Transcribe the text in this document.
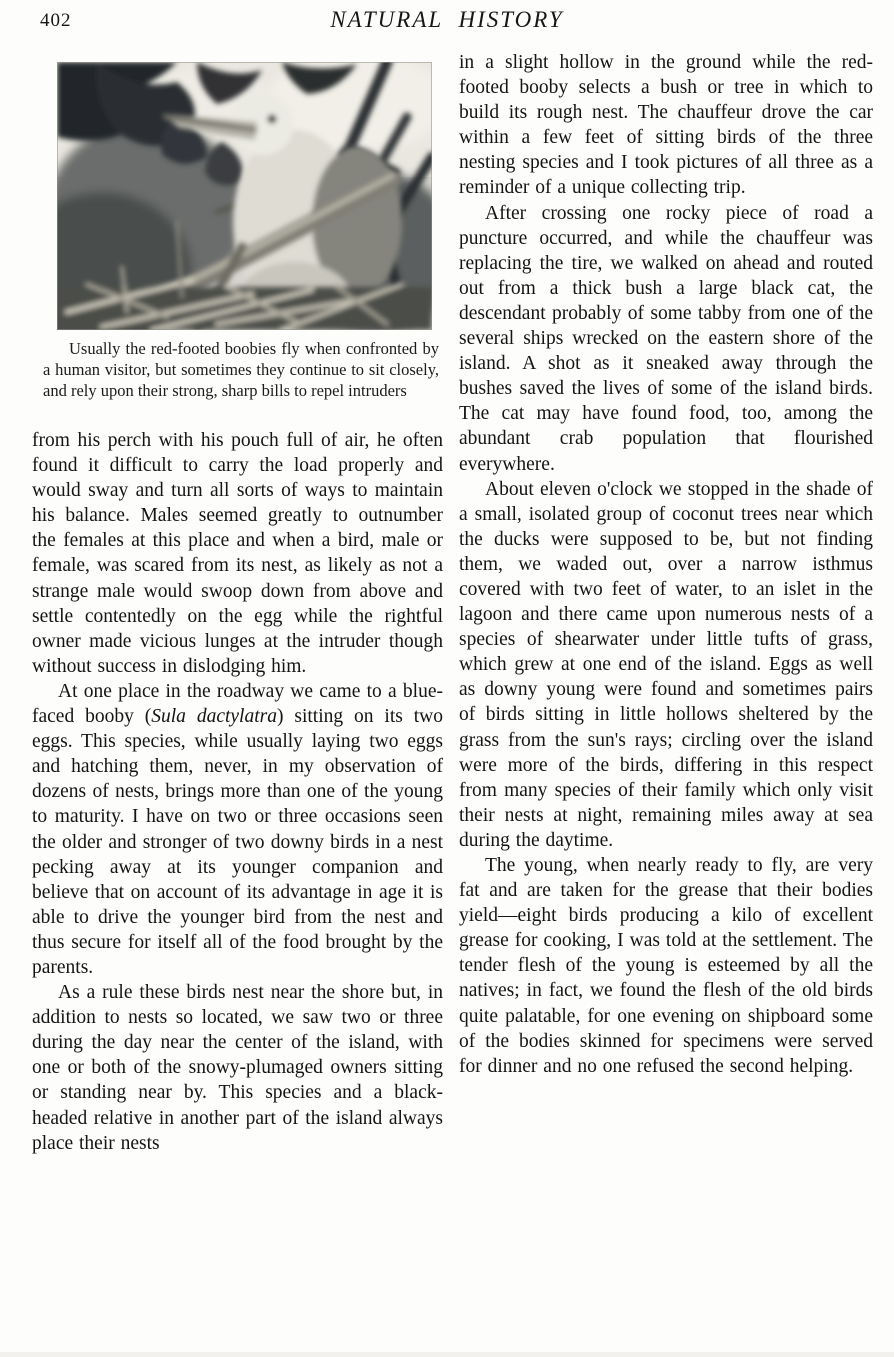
402	NATURAL HISTORY
Usually the red-footed boobies fly when confronted by a human visitor, but sometimes they continue to sit closely, and rely upon their strong, sharp bills to repel intruders

from his perch with his pouch full of air, he often found it difficult to carry the load properly and would sway and turn all sorts of ways to maintain his balance. Males seemed greatly to outnumber the females at this place and when a bird, male or female, was scared from its nest, as likely as not a strange male would swoop down from above and settle contentedly on the egg while the rightful owner made vicious lunges at the intruder though without success in dislodging him.

At one place in the roadway we came to a blue-faced booby (Sula dactylatra) sitting on its two eggs. This species, while usually laying two eggs and hatching them, never, in my observation of dozens of nests, brings more than one of the young to maturity. I have on two or three occasions seen the older and stronger of two downy birds in a nest pecking away at its younger companion and believe that on account of its advantage in age it is able to drive the younger bird from the nest and thus secure for itself all of the food brought by the parents.

As a rule these birds nest near the shore but, in addition to nests so located, we saw two or three during the day near the center of the island, with one or both of the snowy-plumaged owners sitting or standing near by. This species and a black-headed relative in another part of the island always place their nests

in a slight hollow in the ground while the red-footed booby selects a bush or tree in which to build its rough nest. The chauffeur drove the car within a few feet of sitting birds of the three nesting species and I took pictures of all three as a reminder of a unique collecting trip.

After crossing one rocky piece of road a puncture occurred, and while the chauffeur was replacing the tire, we walked on ahead and routed out from a thick bush a large black cat, the descendant probably of some tabby from one of the several ships wrecked on the eastern shore of the island. A shot as it sneaked away through the bushes saved the lives of some of the island birds. The cat may have found food, too, among the abundant crab population that flourished everywhere.

About eleven o'clock we stopped in the shade of a small, isolated group of coconut trees near which the ducks were supposed to be, but not finding them, we waded out, over a narrow isthmus covered with two feet of water, to an islet in the lagoon and there came upon numerous nests of a species of shearwater under little tufts of grass, which grew at one end of the island. Eggs as well as downy young were found and sometimes pairs of birds sitting in little hollows sheltered by the grass from the sun's rays; circling over the island were more of the birds, differing in this respect from many species of their family which only visit their nests at night, remaining miles away at sea during the daytime.

The young, when nearly ready to fly, are very fat and are taken for the grease that their bodies yield—eight birds producing a kilo of excellent grease for cooking, I was told at the settlement. The tender flesh of the young is esteemed by all the natives; in fact, we found the flesh of the old birds quite palatable, for one evening on shipboard some of the bodies skinned for specimens were served for dinner and no one refused the second helping.
